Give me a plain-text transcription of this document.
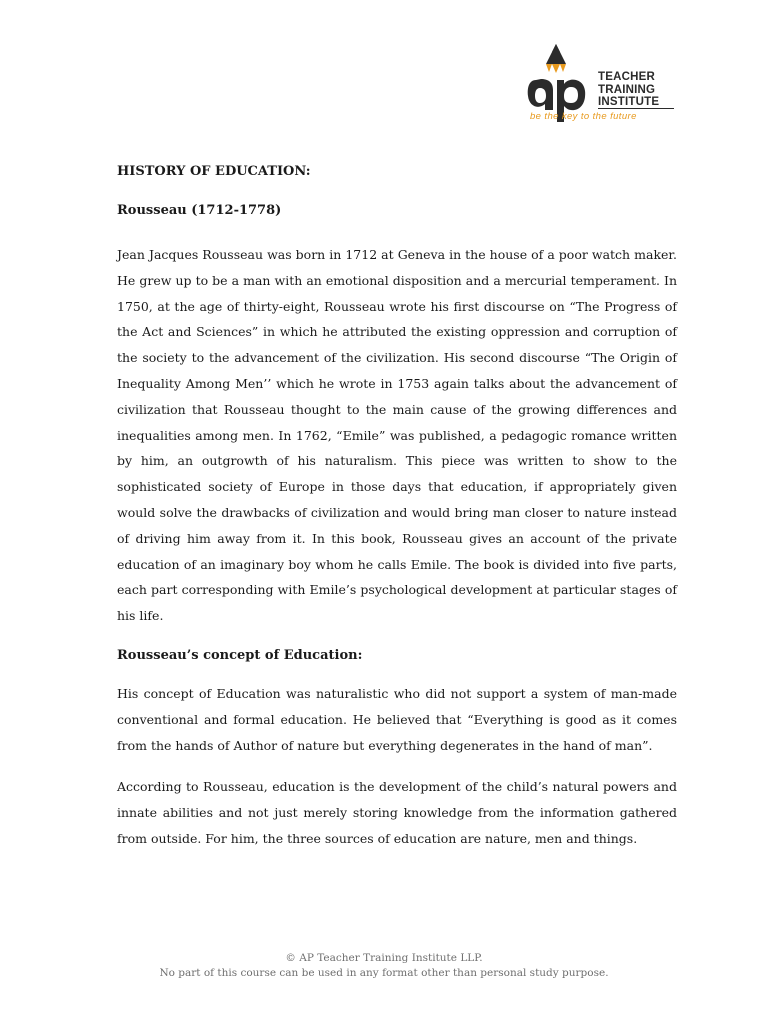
TEACHER
TRAINING
INSTITUTE
be the key to the future
HISTORY OF EDUCATION:
Rousseau (1712-1778)

Jean Jacques Rousseau was born in 1712 at Geneva in the house of a poor watch maker. He grew up to be a man with an emotional disposition and a mercurial temperament. In 1750, at the age of thirty-eight, Rousseau wrote his first discourse on “The Progress of the Act and Sciences” in which he attributed the existing oppression and corruption of the society to the advancement of the civilization. His second discourse “The Origin of Inequality Among Men’’ which he wrote in 1753 again talks about the advancement of civilization that Rousseau thought to the main cause of the growing differences and inequalities among men. In 1762, “Emile” was published, a pedagogic romance written by him, an outgrowth of his naturalism. This piece was written to show to the sophisticated society of Europe in those days that education, if appropriately given would solve the drawbacks of civilization and would bring man closer to nature instead of driving him away from it. In this book, Rousseau gives an account of the private education of an imaginary boy whom he calls Emile. The book is divided into five parts, each part corresponding with Emile’s psychological development at particular stages of his life.

Rousseau’s concept of Education:

His concept of Education was naturalistic who did not support a system of man-made conventional and formal education. He believed that “Everything is good as it comes from the hands of Author of nature but everything degenerates in the hand of man”.

According to Rousseau, education is the development of the child’s natural powers and innate abilities and not just merely storing knowledge from the information gathered from outside. For him, the three sources of education are nature, men and things.

© AP Teacher Training Institute LLP.
No part of this course can be used in any format other than personal study purpose.
